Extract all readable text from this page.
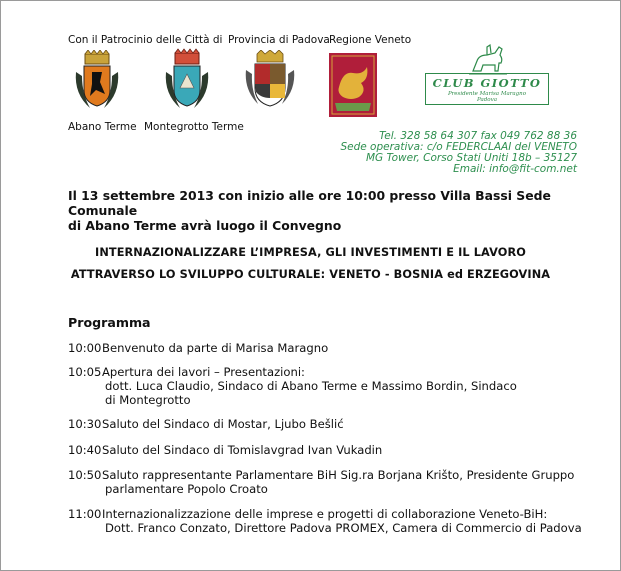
Con il Patrocinio delle Città di Provincia di Padova Regione Veneto
Abano Terme Montegrotto Terme
CLUB GIOTTO
Presidente Marisa Maragno
Padova
Tel. 328 58 64 307 fax 049 762 88 36
Sede operativa: c/o FEDERCLAAI del VENETO
MG Tower, Corso Stati Uniti 18b – 35127
Email: info@fit-com.net
Il 13 settembre 2013 con inizio alle ore 10:00 presso Villa Bassi Sede Comunale
di Abano Terme avrà luogo il Convegno
INTERNAZIONALIZZARE L’IMPRESA, GLI INVESTIMENTI E IL LAVORO
ATTRAVERSO LO SVILUPPO CULTURALE: VENETO - BOSNIA ed ERZEGOVINA
Programma
10:00 Benvenuto da parte di Marisa Maragno
10:05 Apertura dei lavori – Presentazioni:
dott. Luca Claudio, Sindaco di Abano Terme e Massimo Bordin, Sindaco
di Montegrotto
10:30 Saluto del Sindaco di Mostar, Ljubo Bešlić
10:40 Saluto del Sindaco di Tomislavgrad Ivan Vukadin
10:50 Saluto rappresentante Parlamentare BiH Sig.ra Borjana Krišto, Presidente Gruppo
parlamentare Popolo Croato
11:00 Internazionalizzazione delle imprese e progetti di collaborazione Veneto-BiH:
Dott. Franco Conzato, Direttore Padova PROMEX, Camera di Commercio di Padova
